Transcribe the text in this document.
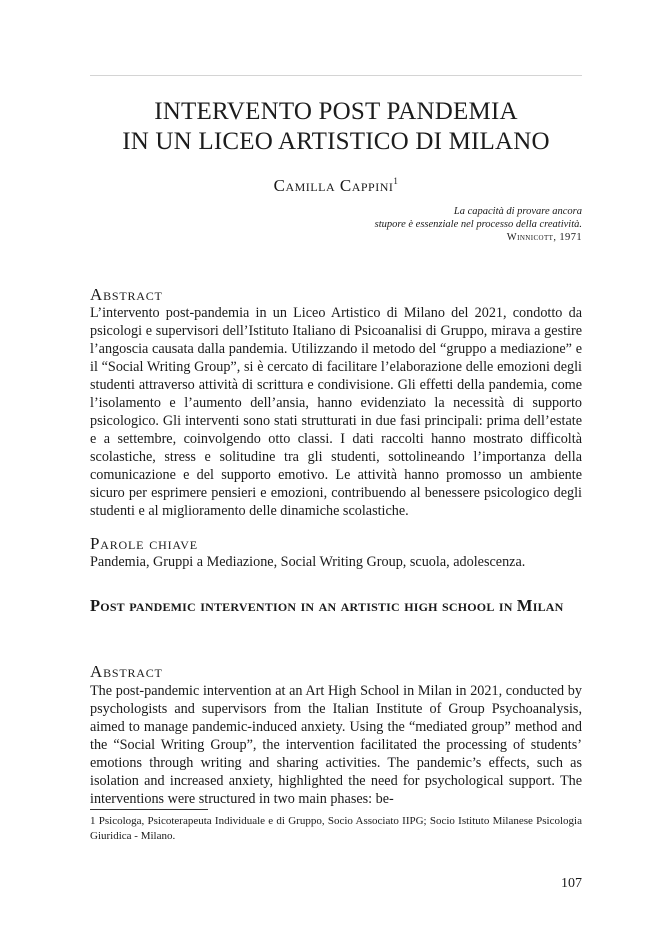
INTERVENTO POST PANDEMIA
IN UN LICEO ARTISTICO DI MILANO
Camilla Cappini$^1$
La capacità di provare ancora
stupore è essenziale nel processo della creatività.
Winnicott, 1971
Abstract
L’intervento post-pandemia in un Liceo Artistico di Milano del 2021, condotto da psicologi e supervisori dell’Istituto Italiano di Psicoanalisi di Gruppo, mirava a gestire l’angoscia causata dalla pandemia. Utilizzando il metodo del “gruppo a mediazione” e il “Social Writing Group”, si è cercato di facilitare l’elaborazione delle emozioni degli studenti attraverso attività di scrittura e condivisione. Gli effetti della pandemia, come l’isolamento e l’aumento dell’ansia, hanno evidenziato la necessità di supporto psicologico. Gli interventi sono stati strutturati in due fasi principali: prima dell’estate e a settembre, coinvolgendo otto classi. I dati raccolti hanno mostrato difficoltà scolastiche, stress e solitudine tra gli studenti, sottolineando l’importanza della comunicazione e del supporto emotivo. Le attività hanno promosso un ambiente sicuro per esprimere pensieri e emozioni, contribuendo al benessere psicologico degli studenti e al miglioramento delle dinamiche scolastiche.
Parole chiave
Pandemia, Gruppi a Mediazione, Social Writing Group, scuola, adolescenza.
Post pandemic intervention in an artistic high school in Milan
Abstract
The post-pandemic intervention at an Art High School in Milan in 2021, conducted by psychologists and supervisors from the Italian Institute of Group Psychoanalysis, aimed to manage pandemic-induced anxiety. Using the “mediated group” method and the “Social Writing Group”, the intervention facilitated the processing of students’ emotions through writing and sharing activities. The pandemic’s effects, such as isolation and increased anxiety, highlighted the need for psychological support. The interventions were structured in two main phases: be-
1 Psicologa, Psicoterapeuta Individuale e di Gruppo, Socio Associato IIPG; Socio Istituto Milanese Psicologia Giuridica - Milano.
107
